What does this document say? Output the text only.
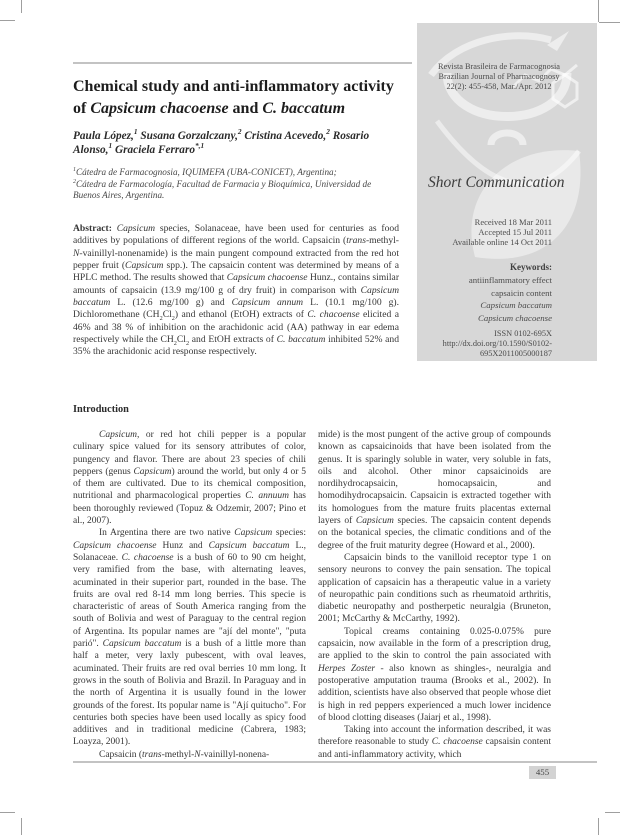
Revista Brasileira de Farmacognosia
Brazilian Journal of Pharmacognosy
22(2): 455-458, Mar./Apr. 2012
Short Communication
Received 18 Mar 2011
Accepted 15 Jul 2011
Available online 14 Oct 2011
Keywords:
antiinflammatory effect
capsaicin content
Capsicum baccatum
Capsicum chacoense
ISSN 0102-695X
http://dx.doi.org/10.1590/S0102-
695X2011005000187
Chemical study and anti-inflammatory activity
of Capsicum chacoense and C. baccatum
Paula López,$^1$ Susana Gorzalczany,$^2$ Cristina Acevedo,$^2$ Rosario
Alonso,$^1$ Graciela Ferraro$^{*,1}$

$^1$Cátedra de Farmacognosia, IQUIMEFA (UBA-CONICET), Argentina;

$^2$Cátedra de Farmacología, Facultad de Farmacia y Bioquímica, Universidad de
Buenos Aires, Argentina.

Abstract: Capsicum species, Solanaceae, have been used for centuries as food additives by populations of different regions of the world. Capsaicin (trans-methyl-N-vainillyl-nonenamide) is the main pungent compound extracted from the red hot pepper fruit (Capsicum spp.). The capsaicin content was determined by means of a HPLC method. The results showed that Capsicum chacoense Hunz., contains similar amounts of capsaicin (13.9 mg/100 g of dry fruit) in comparison with Capsicum baccatum L. (12.6 mg/100 g) and Capsicum annum L. (10.1 mg/100 g). Dichloromethane $(CH_2Cl_2)$ and ethanol (EtOH) extracts of C. chacoense elicited a 46% and 38 % of inhibition on the arachidonic acid (AA) pathway in ear edema respectively while the $CH_2Cl_2$ and EtOH extracts of C. baccatum inhibited 52% and 35% the arachidonic acid response respectively.
Introduction

Capsicum, or red hot chili pepper is a popular culinary spice valued for its sensory attributes of color, pungency and flavor. There are about 23 species of chili peppers (genus Capsicum) around the world, but only 4 or 5 of them are cultivated. Due to its chemical composition, nutritional and pharmacological properties C. annuum has been thoroughly reviewed (Topuz & Odzemir, 2007; Pino et al., 2007).

In Argentina there are two native Capsicum species: Capsicum chacoense Hunz and Capsicum baccatum L., Solanaceae. C. chacoense is a bush of 60 to 90 cm height, very ramified from the base, with alternating leaves, acuminated in their superior part, rounded in the base. The fruits are oval red 8-14 mm long berries. This specie is characteristic of areas of South America ranging from the south of Bolivia and west of Paraguay to the central region of Argentina. Its popular names are "ají del monte", "puta parió". Capsicum baccatum is a bush of a little more than half a meter, very laxly pubescent, with oval leaves, acuminated. Their fruits are red oval berries 10 mm long. It grows in the south of Bolivia and Brazil. In Paraguay and in the north of Argentina it is usually found in the lower grounds of the forest. Its popular name is "Ají quitucho". For centuries both species have been used locally as spicy food additives and in traditional medicine (Cabrera, 1983; Loayza, 2001).

Capsaicin (trans-methyl-N-vainillyl-nonena-

mide) is the most pungent of the active group of compounds known as capsaicinoids that have been isolated from the genus. It is sparingly soluble in water, very soluble in fats, oils and alcohol. Other minor capsaicinoids are nordihydrocapsaicin, homocapsaicin, and homodihydrocapsaicin. Capsaicin is extracted together with its homologues from the mature fruits placentas external layers of Capsicum species. The capsaicin content depends on the botanical species, the climatic conditions and of the degree of the fruit maturity degree (Howard et al., 2000).

Capsaicin binds to the vanilloid receptor type 1 on sensory neurons to convey the pain sensation. The topical application of capsaicin has a therapeutic value in a variety of neuropathic pain conditions such as rheumatoid arthritis, diabetic neuropathy and postherpetic neuralgia (Bruneton, 2001; McCarthy & McCarthy, 1992).

Topical creams containing 0.025-0.075% pure capsaicin, now available in the form of a prescription drug, are applied to the skin to control the pain associated with Herpes Zoster - also known as shingles-, neuralgia and postoperative amputation trauma (Brooks et al., 2002). In addition, scientists have also observed that people whose diet is high in red peppers experienced a much lower incidence of blood clotting diseases (Jaiarj et al., 1998).

Taking into account the information described, it was therefore reasonable to study C. chacoense capsaisin content and anti-inflammatory activity, which

455
